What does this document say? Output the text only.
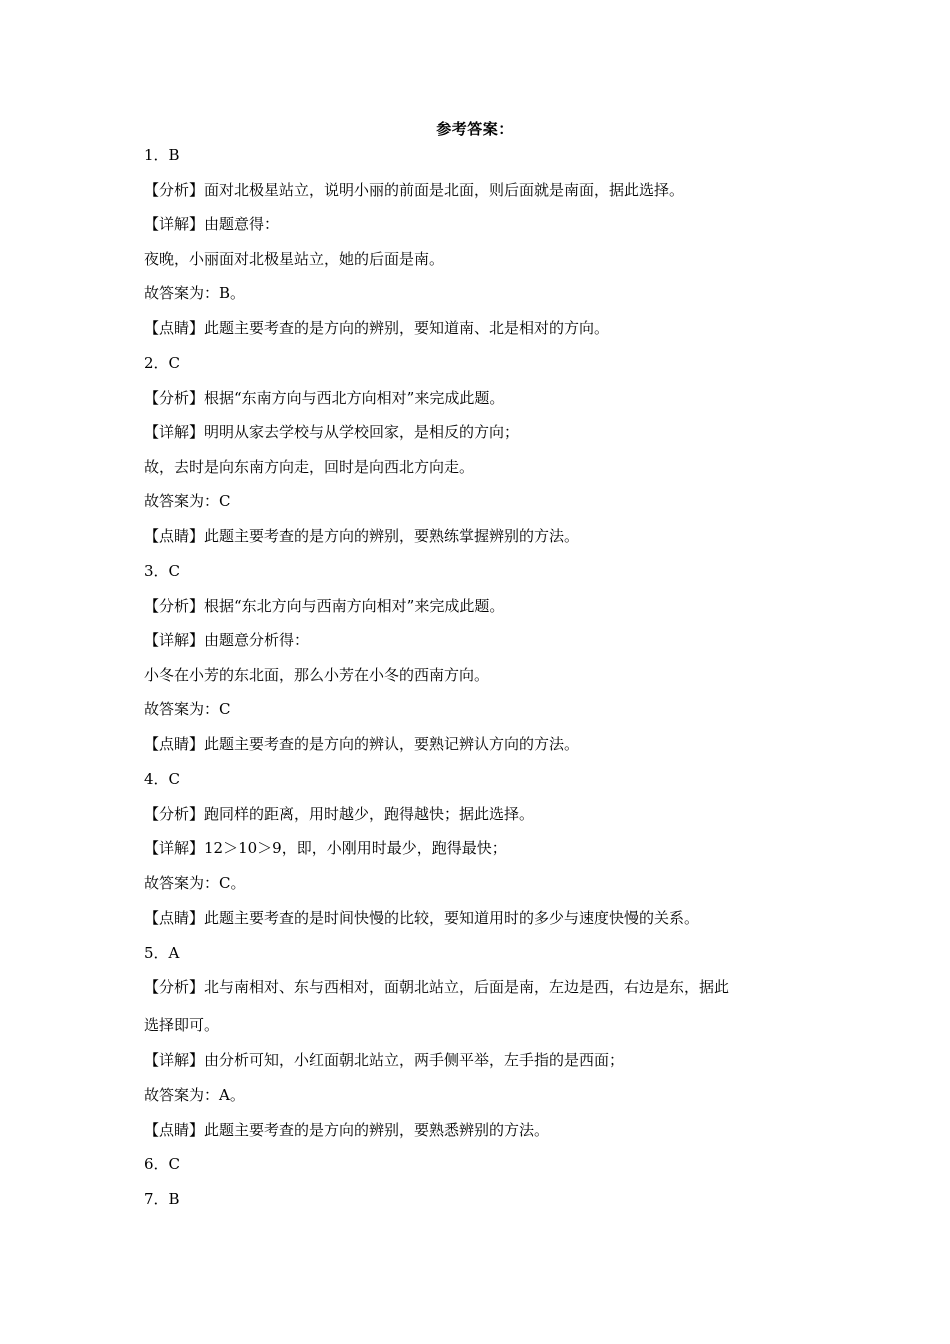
参考答案：
1．B
【分析】面对北极星站立，说明小丽的前面是北面，则后面就是南面，据此选择。
【详解】由题意得：
夜晚，小丽面对北极星站立，她的后面是南。
故答案为：B。
【点睛】此题主要考查的是方向的辨别，要知道南、北是相对的方向。
2．C
【分析】根据“东南方向与西北方向相对”来完成此题。
【详解】明明从家去学校与从学校回家，是相反的方向；
故，去时是向东南方向走，回时是向西北方向走。
故答案为：C
【点睛】此题主要考查的是方向的辨别，要熟练掌握辨别的方法。
3．C
【分析】根据“东北方向与西南方向相对”来完成此题。
【详解】由题意分析得：
小冬在小芳的东北面，那么小芳在小冬的西南方向。
故答案为：C
【点睛】此题主要考查的是方向的辨认，要熟记辨认方向的方法。
4．C
【分析】跑同样的距离，用时越少，跑得越快；据此选择。
【详解】12＞10＞9，即，小刚用时最少，跑得最快；
故答案为：C。
【点睛】此题主要考查的是时间快慢的比较，要知道用时的多少与速度快慢的关系。
5．A
【分析】北与南相对、东与西相对，面朝北站立，后面是南，左边是西，右边是东，据此
选择即可。
【详解】由分析可知，小红面朝北站立，两手侧平举，左手指的是西面；
故答案为：A。
【点睛】此题主要考查的是方向的辨别，要熟悉辨别的方法。
6．C
7．B
